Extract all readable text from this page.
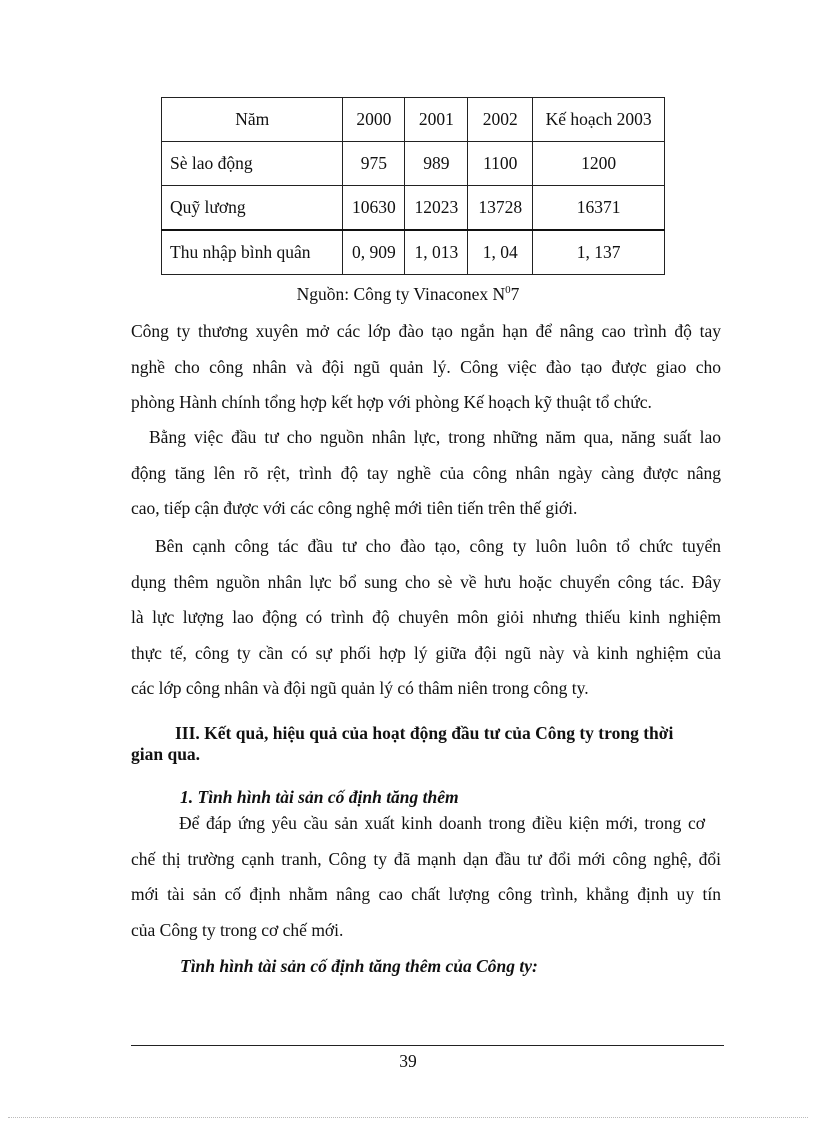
Năm	2000	2001	2002	Kế hoạch 2003
Sè lao động	975	989	1100	1200
Quỹ lương	10630	12023	13728	16371
Thu nhập bình quân	0, 909	1, 013	1, 04	1, 137
Nguồn: Công ty Vinaconex $N^07$

Công ty thương xuyên mở các lớp đào tạo ngắn hạn để nâng cao trình độ tay
nghề cho công nhân và đội ngũ quản lý. Công việc đào tạo được giao cho
phòng Hành chính tổng hợp kết hợp với phòng Kế hoạch kỹ thuật tổ chức.

Bằng việc đầu tư cho nguồn nhân lực, trong những năm qua, năng suất lao
động tăng lên rõ rệt, trình độ tay nghề của công nhân ngày càng được nâng
cao, tiếp cận được với các công nghệ mới tiên tiến trên thế giới.

Bên cạnh công tác đầu tư cho đào tạo, công ty luôn luôn tổ chức tuyển
dụng thêm nguồn nhân lực bổ sung cho sè về hưu hoặc chuyển công tác. Đây
là lực lượng lao động có trình độ chuyên môn giỏi nhưng thiếu kinh nghiệm
thực tế, công ty cần có sự phối hợp lý giữa đội ngũ này và kinh nghiệm của
các lớp công nhân và đội ngũ quản lý có thâm niên trong công ty.

III. Kết quả, hiệu quả của hoạt động đầu tư của Công ty trong thời
gian qua.
1. Tình hình tài sản cố định tăng thêm

Để đáp ứng yêu cầu sản xuất kinh doanh trong điều kiện mới, trong cơ
chế thị trường cạnh tranh, Công ty đã mạnh dạn đầu tư đổi mới công nghệ, đổi
mới tài sản cố định nhằm nâng cao chất lượng công trình, khẳng định uy tín
của Công ty trong cơ chế mới.

Tình hình tài sản cố định tăng thêm của Công ty:
39
